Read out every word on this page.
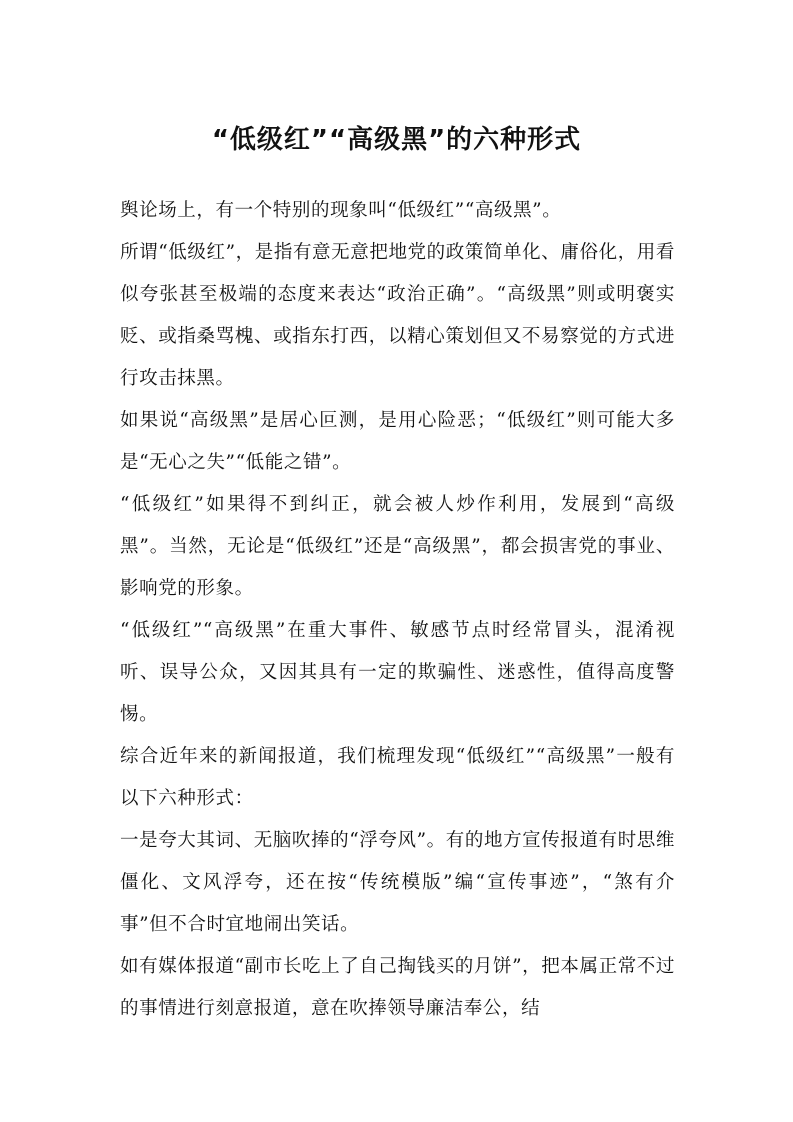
“低级红”“高级黑”的六种形式

舆论场上，有一个特别的现象叫“低级红”“高级黑”。

所谓“低级红”，是指有意无意把地党的政策简单化、庸俗化，用看似夸张甚至极端的态度来表达“政治正确”。“高级黑”则或明褒实贬、或指桑骂槐、或指东打西，以精心策划但又不易察觉的方式进行攻击抹黑。

如果说“高级黑”是居心叵测，是用心险恶；“低级红”则可能大多是“无心之失”“低能之错”。

“低级红”如果得不到纠正，就会被人炒作利用，发展到“高级黑”。当然，无论是“低级红”还是“高级黑”，都会损害党的事业、影响党的形象。

“低级红”“高级黑”在重大事件、敏感节点时经常冒头，混淆视听、误导公众，又因其具有一定的欺骗性、迷惑性，值得高度警惕。

综合近年来的新闻报道，我们梳理发现“低级红”“高级黑”一般有以下六种形式：

一是夸大其词、无脑吹捧的“浮夸风”。有的地方宣传报道有时思维僵化、文风浮夸，还在按“传统模版”编“宣传事迹”，“煞有介事”但不合时宜地闹出笑话。

如有媒体报道“副市长吃上了自己掏钱买的月饼”，把本属正常不过的事情进行刻意报道，意在吹捧领导廉洁奉公，结
